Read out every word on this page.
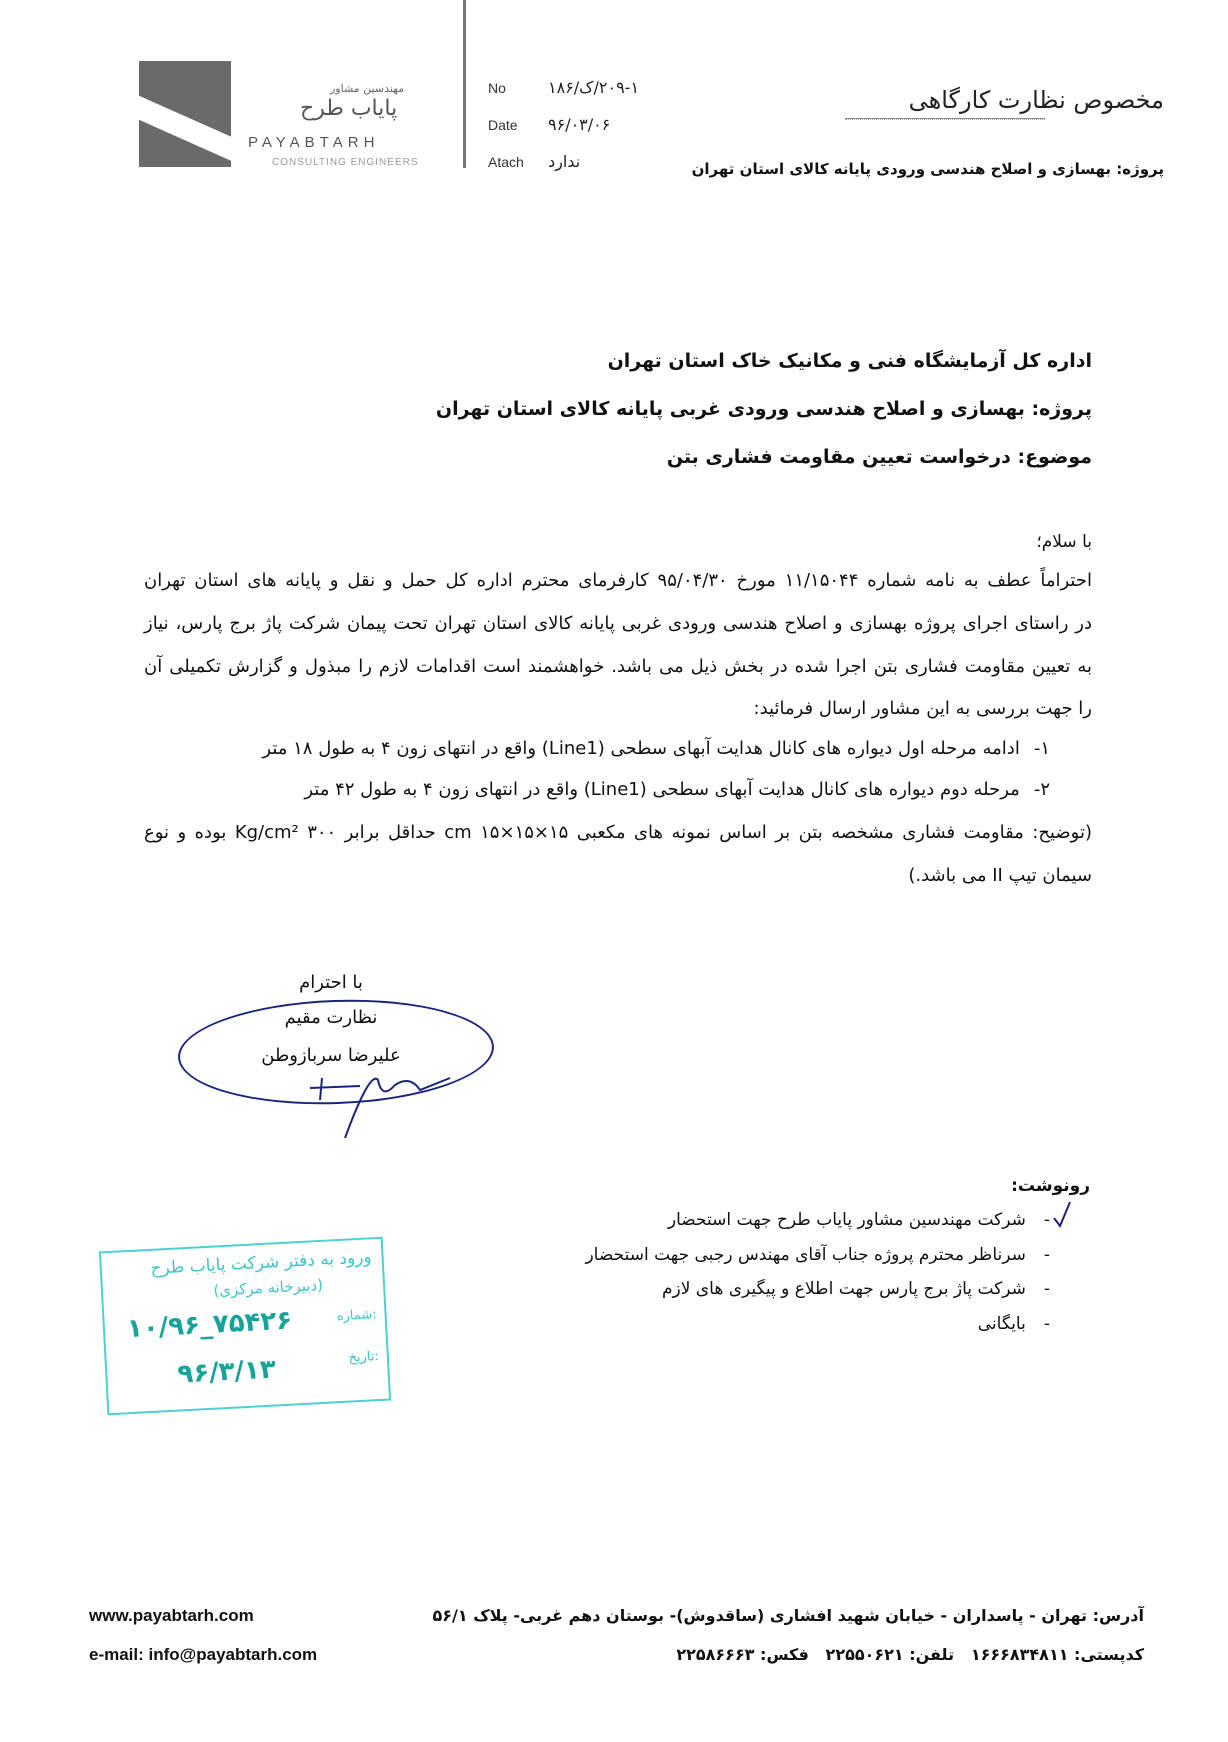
مهندسین مشاور
پایاب طرح
PAYABTARH
CONSULTING ENGINEERS
No	۲۰۹-۱/ک/۱۸۶
Date ۹۶/۰۳/۰۶
Atach ندارد
مخصوص نظارت کارگاهی
پروژه: بهسازی و اصلاح هندسی ورودی پایانه کالای استان تهران
اداره کل آزمایشگاه فنی و مکانیک خاک استان تهران
پروژه: بهسازی و اصلاح هندسی ورودی غربی پایانه کالای استان تهران
موضوع: درخواست تعیین مقاومت فشاری بتن
با سلام؛
احتراماً عطف به نامه شماره ۱۱/۱۵۰۴۴ مورخ ۹۵/۰۴/۳۰ کارفرمای محترم اداره کل حمل و نقل و پایانه های استان تهران
در راستای اجرای پروژه بهسازی و اصلاح هندسی ورودی غربی پایانه کالای استان تهران تحت پیمان شرکت پاژ برج پارس، نیاز
به تعیین مقاومت فشاری بتن اجرا شده در بخش ذیل می باشد. خواهشمند است اقدامات لازم را مبذول و گزارش تکمیلی آن
را جهت بررسی به این مشاور ارسال فرمائید:
۱-ادامه مرحله اول دیواره های کانال هدایت آبهای سطحی (Line1) واقع در انتهای زون ۴ به طول ۱۸ متر
۲-مرحله دوم دیواره های کانال هدایت آبهای سطحی (Line1) واقع در انتهای زون ۴ به طول ۴۲ متر
(توضیح: مقاومت فشاری مشخصه بتن بر اساس نمونه های مکعبی ۱۵×۱۵×۱۵ cm حداقل برابر ۳۰۰ Kg/cm² بوده و نوع
سیمان تیپ II می باشد.)
با احترام
نظارت مقیم
علیرضا سربازوطن
رونوشت:
-شرکت مهندسین مشاور پایاب طرح جهت استحضار
-سرناظر محترم پروژه جناب آقای مهندس رجبی جهت استحضار
-شرکت پاژ برج پارس جهت اطلاع و پیگیری های لازم
-بایگانی
ورود به دفتر شرکت پایاب طرح
(دبیرخانه مرکزی)
شماره:
۱۰/۹۶_۷۵۴۲۶
تاریخ:
۹۶/۳/۱۳
www.payabtarh.com
e-mail: info@payabtarh.com
آدرس: تهران - پاسداران - خیابان شهید افشاری (ساقدوش)- بوستان دهم غربی- پلاک ۵۶/۱
کدپستی: ۱۶۶۶۸۳۴۸۱۱   تلفن: ۲۲۵۵۰۶۲۱   فکس: ۲۲۵۸۶۶۶۳
